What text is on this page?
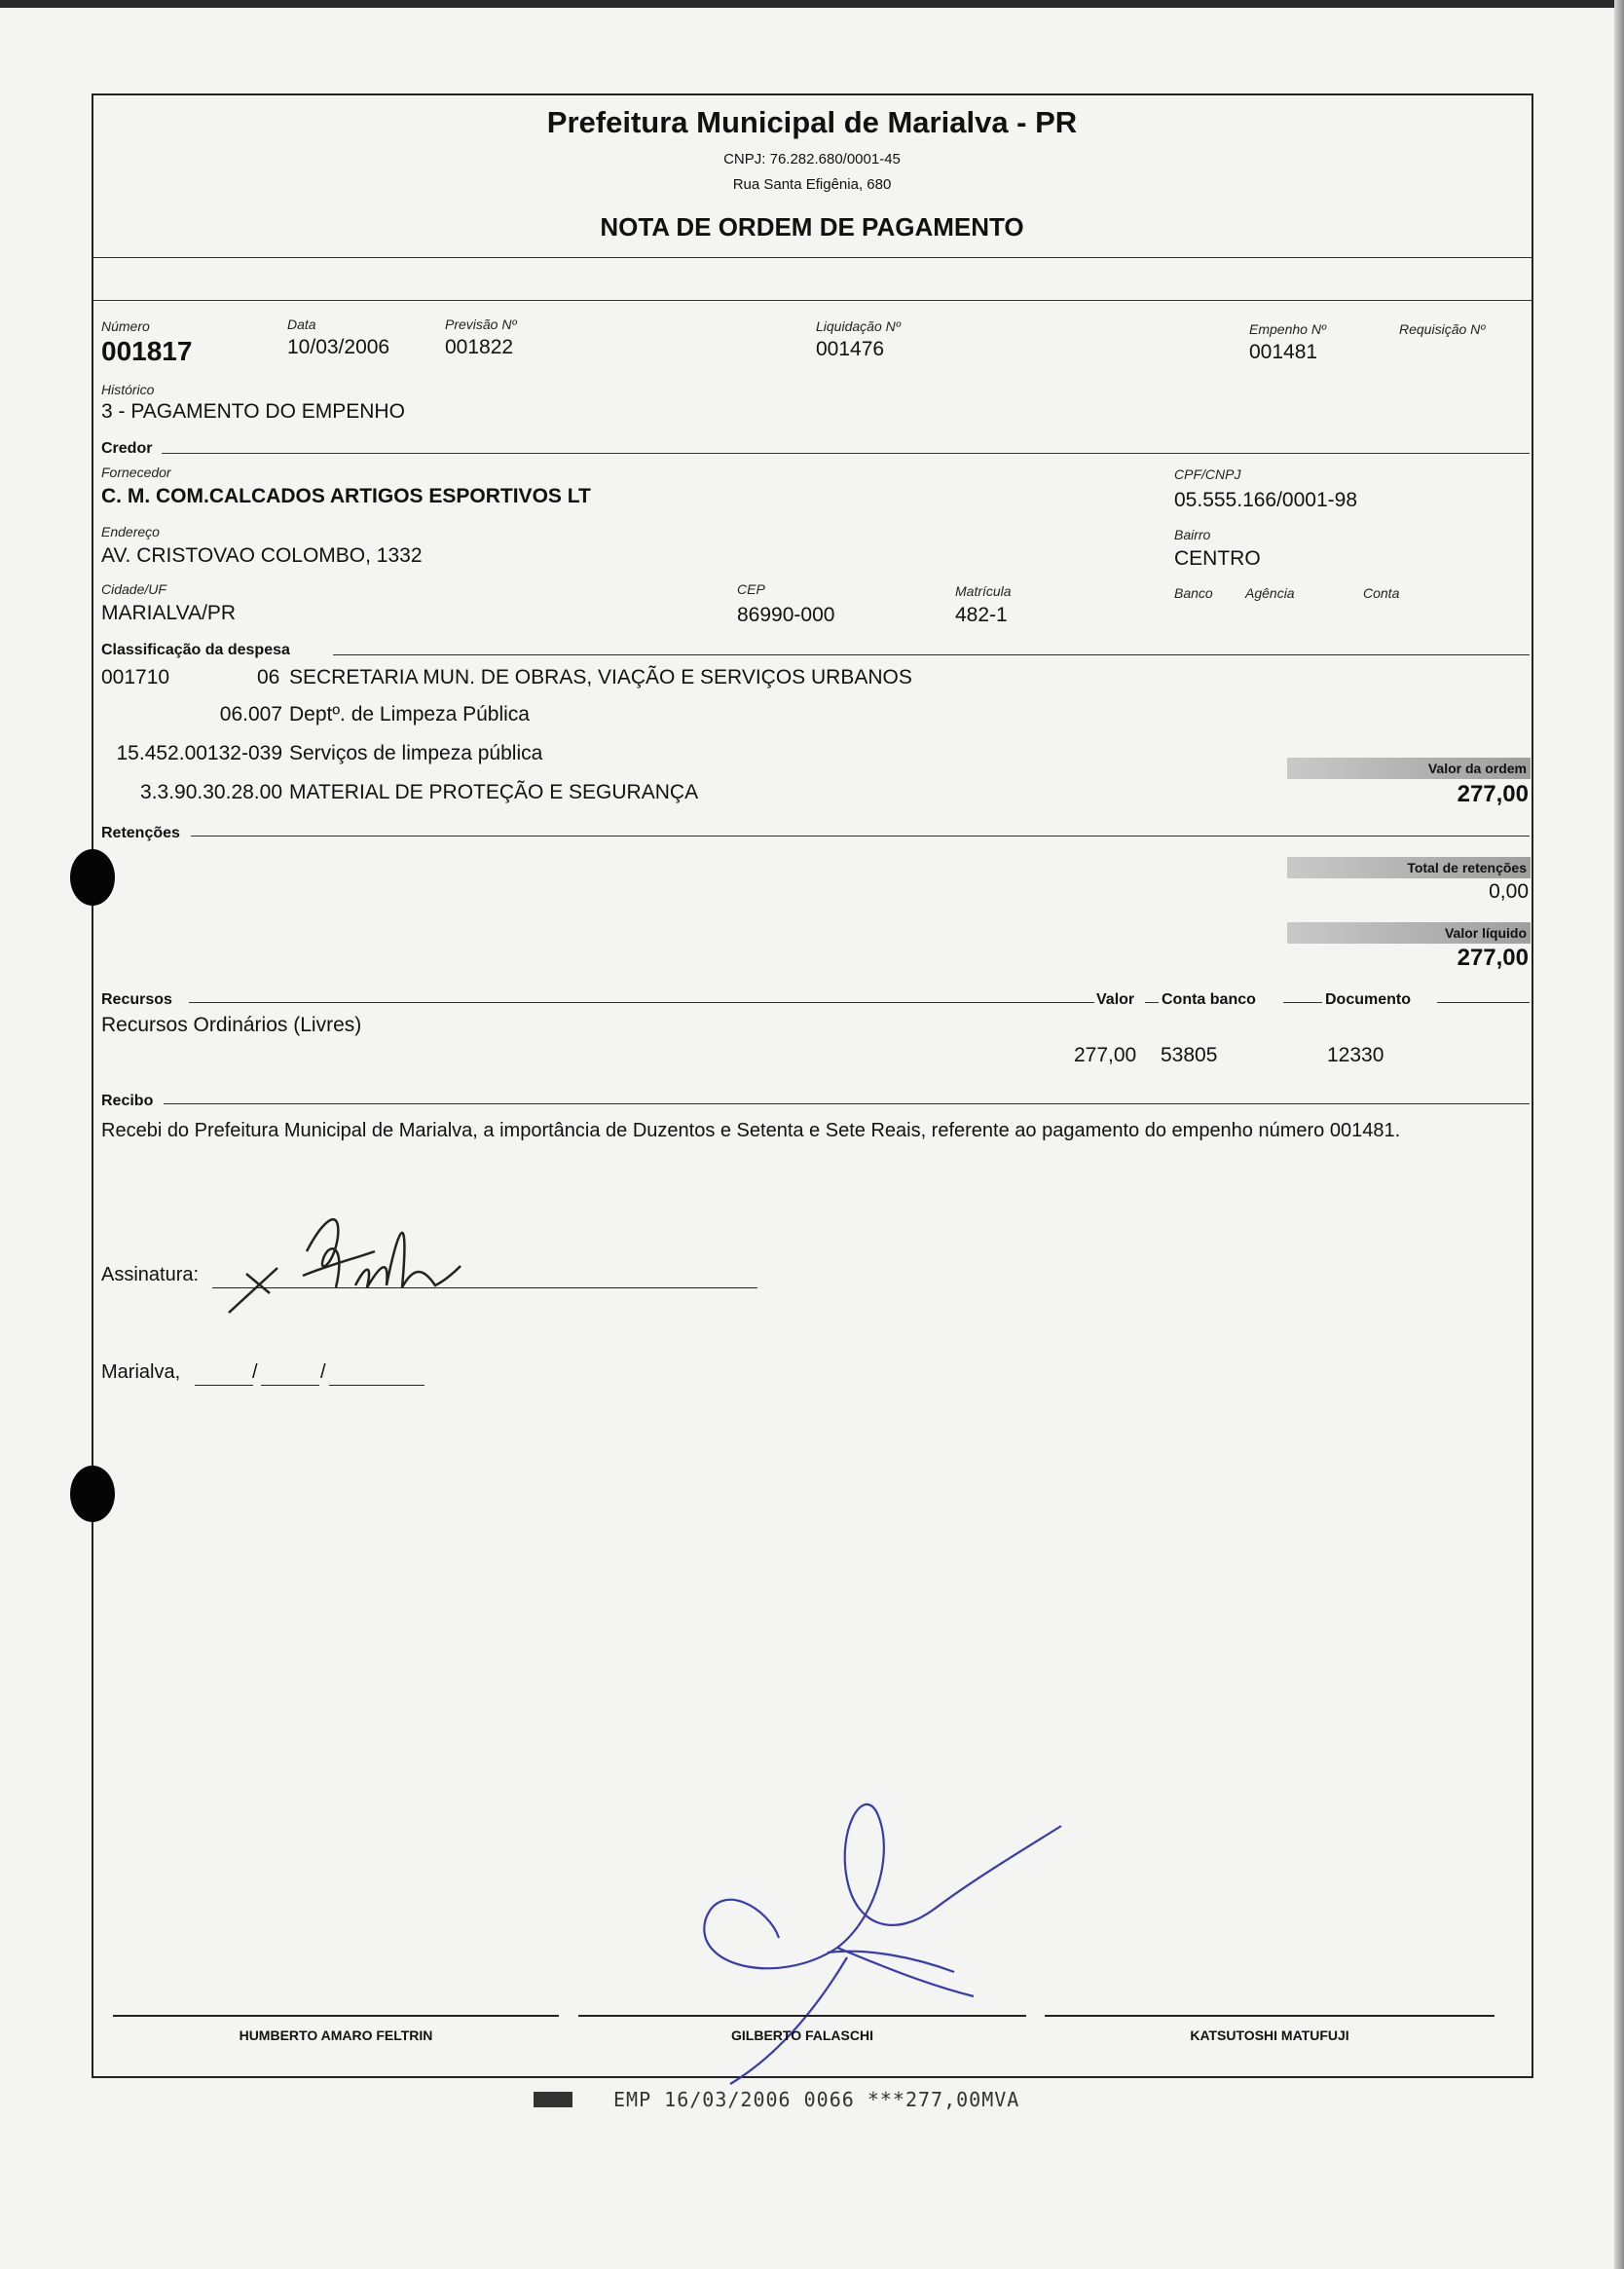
Prefeitura Municipal de Marialva - PR
CNPJ: 76.282.680/0001-45
Rua Santa Efigênia, 680
NOTA DE ORDEM DE PAGAMENTO
Número
001817
Data
10/03/2006
Previsão Nº
001822
Liquidação Nº
001476
Empenho Nº
001481
Requisição Nº
Histórico
3 - PAGAMENTO DO EMPENHO
Credor
Fornecedor
C. M. COM.CALCADOS ARTIGOS ESPORTIVOS LT
CPF/CNPJ
05.555.166/0001-98
Endereço
AV. CRISTOVAO COLOMBO, 1332
Bairro
CENTRO
Cidade/UF
MARIALVA/PR
CEP
86990-000
Matrícula
482-1
Banco Agência	Conta
Classificação da despesa
001710	06 SECRETARIA MUN. DE OBRAS, VIAÇÃO E SERVIÇOS URBANOS
06.007 Deptº. de Limpeza Pública
15.452.00132-039 Serviços de limpeza pública
3.3.90.30.28.00 MATERIAL DE PROTEÇÃO E SEGURANÇA
Valor da ordem
277,00
Total de retenções
0,00
Valor líquido
277,00
Retenções
Recursos	Valor Conta banco	Documento
Recursos Ordinários (Livres)
277,00 53805	12330
Recibo
Recebi do Prefeitura Municipal de Marialva, a importância de Duzentos e Setenta e Sete Reais, referente ao pagamento do empenho número 001481.
Assinatura:
Marialva,	/	/
HUMBERTO AMARO FELTRIN	GILBERTO FALASCHI	KATSUTOSHI MATUFUJI
EMP 16/03/2006 0066 ***277,00MVA
